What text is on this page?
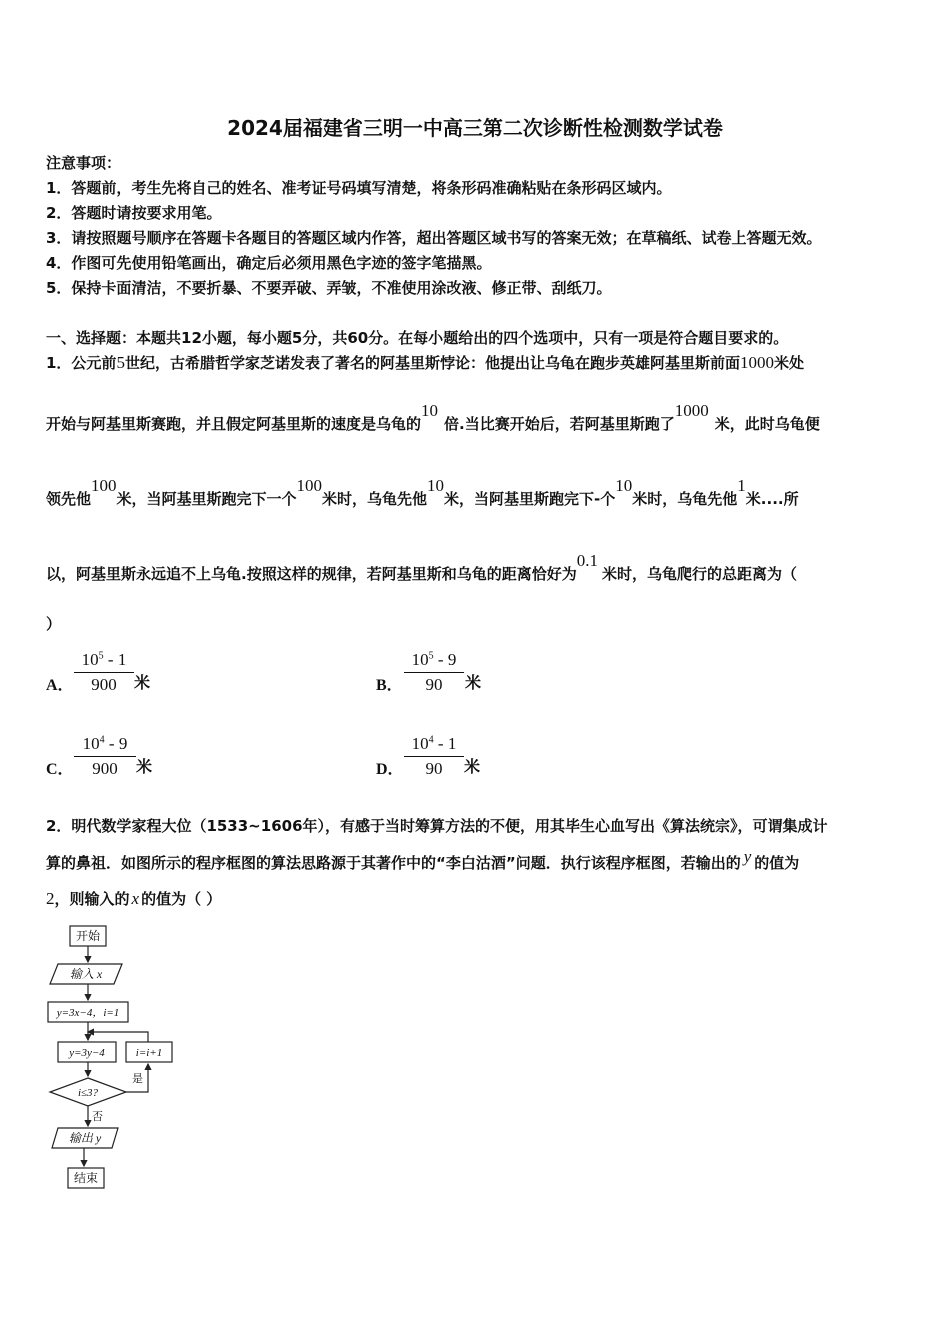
2024届福建省三明一中高三第二次诊断性检测数学试卷
注意事项：
1．答题前，考生先将自己的姓名、准考证号码填写清楚，将条形码准确粘贴在条形码区域内。
2．答题时请按要求用笔。
3．请按照题号顺序在答题卡各题目的答题区域内作答，超出答题区域书写的答案无效；在草稿纸、试卷上答题无效。
4．作图可先使用铅笔画出，确定后必须用黑色字迹的签字笔描黑。
5．保持卡面清洁，不要折暴、不要弄破、弄皱，不准使用涂改液、修正带、刮纸刀。
一、选择题：本题共12小题，每小题5分，共60分。在每小题给出的四个选项中，只有一项是符合题目要求的。
1．公元前5世纪，古希腊哲学家芝诺发表了著名的阿基里斯悖论：他提出让乌龟在跑步英雄阿基里斯前面1000米处
开始与阿基里斯赛跑，并且假定阿基里斯的速度是乌龟的10倍.当比赛开始后，若阿基里斯跑了1000米，此时乌龟便
领先他100米，当阿基里斯跑完下一个100米时，乌龟先他10米，当阿基里斯跑完下-个10米时，乌龟先他1米....所
以，阿基里斯永远追不上乌龟.按照这样的规律，若阿基里斯和乌龟的距离恰好为0.1米时，乌龟爬行的总距离为（
）
A． $\frac{10^5 - 1}{900}$ 米	B． $\frac{10^5 - 9}{90}$ 米
C． $\frac{10^4 - 9}{900}$ 米	D． $\frac{10^4 - 1}{90}$ 米
2．明代数学家程大位（1533~1606年），有感于当时筹算方法的不便，用其毕生心血写出《算法统宗》，可谓集成计
算的鼻祖．如图所示的程序框图的算法思路源于其著作中的“李白沽酒”问题．执行该程序框图，若输出的 y 的值为
2，则输入的 x 的值为（ ）
开始
输入 x
y=3x−4，i=1
y=3y−4	i=i+1
i≤3?
是
否
输出 y
结束
